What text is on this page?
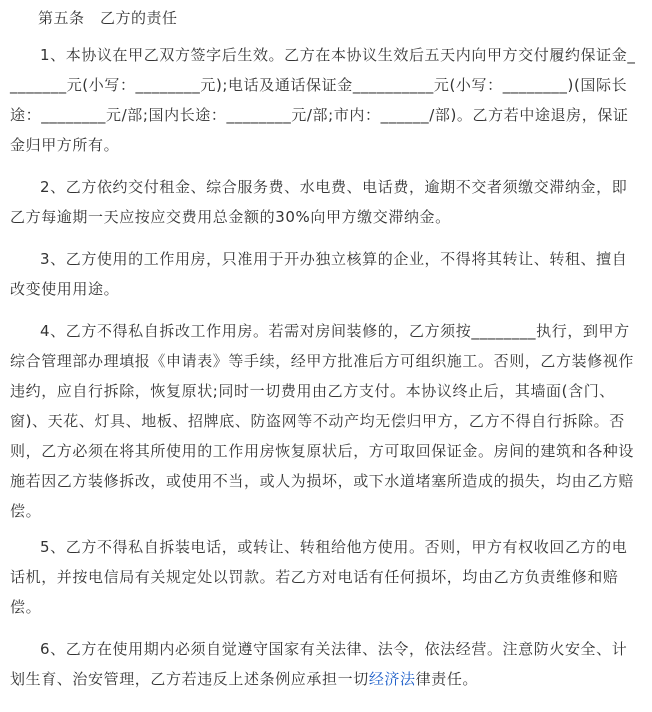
第五条　乙方的责任

1、本协议在甲乙双方签字后生效。乙方在本协议生效后五天内向甲方交付履约保证金________元(小写：________元);电话及通话保证金__________元(小写：________)(国际长途：________元/部;国内长途：________元/部;市内：______/部)。乙方若中途退房，保证金归甲方所有。

2、乙方依约交付租金、综合服务费、水电费、电话费，逾期不交者须缴交滞纳金，即乙方每逾期一天应按应交费用总金额的30%向甲方缴交滞纳金。

3、乙方使用的工作用房，只准用于开办独立核算的企业，不得将其转让、转租、擅自改变使用用途。

4、乙方不得私自拆改工作用房。若需对房间装修的，乙方须按________执行，到甲方综合管理部办理填报《申请表》等手续，经甲方批准后方可组织施工。否则，乙方装修视作违约，应自行拆除，恢复原状;同时一切费用由乙方支付。本协议终止后，其墙面(含门、窗)、天花、灯具、地板、招牌底、防盗网等不动产均无偿归甲方，乙方不得自行拆除。否则，乙方必须在将其所使用的工作用房恢复原状后，方可取回保证金。房间的建筑和各种设施若因乙方装修拆改，或使用不当，或人为损坏，或下水道堵塞所造成的损失，均由乙方赔偿。

5、乙方不得私自拆装电话，或转让、转租给他方使用。否则，甲方有权收回乙方的电话机，并按电信局有关规定处以罚款。若乙方对电话有任何损坏，均由乙方负责维修和赔偿。

6、乙方在使用期内必须自觉遵守国家有关法律、法令，依法经营。注意防火安全、计划生育、治安管理，乙方若违反上述条例应承担一切经济法律责任。
